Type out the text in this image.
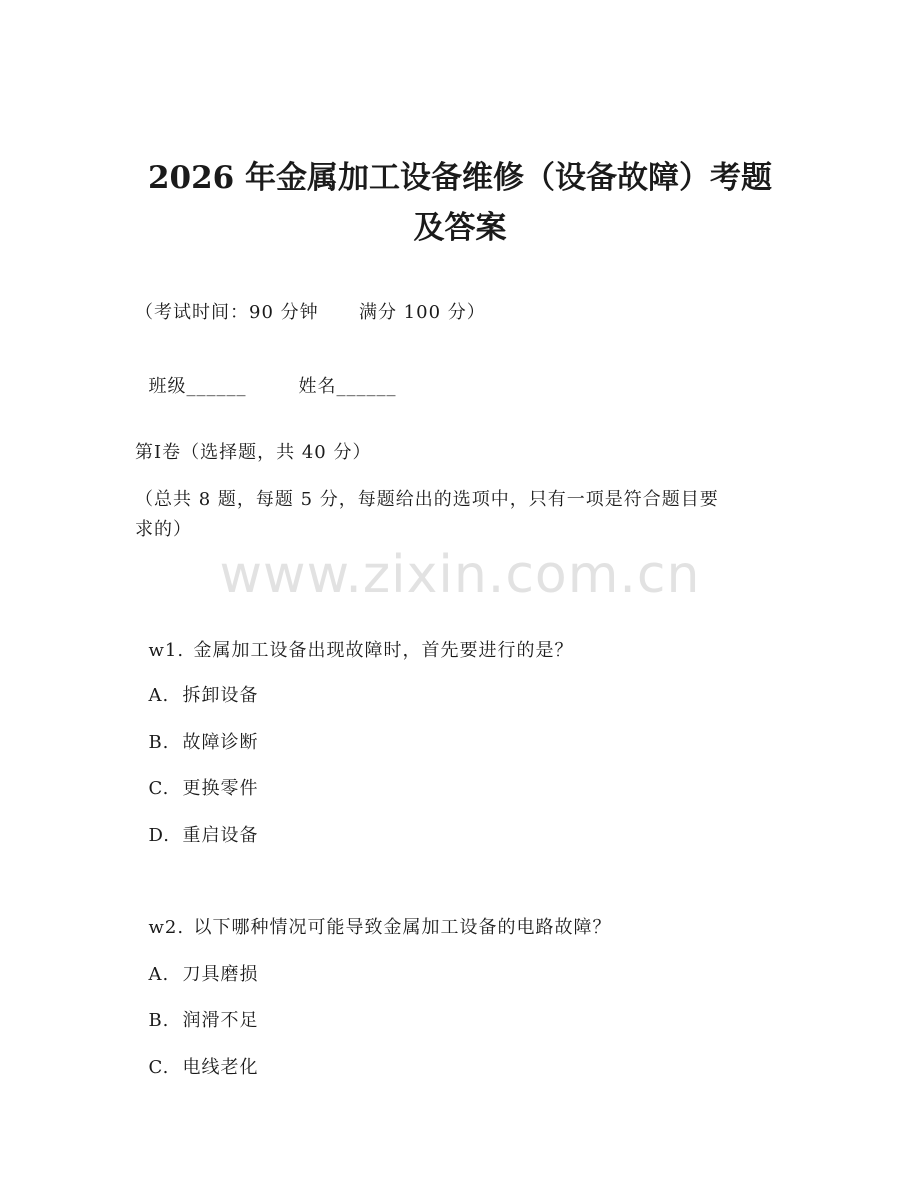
2026 年金属加工设备维修（设备故障）考题
及答案
（考试时间：90 分钟      满分 100 分）

班级______	姓名______

第Ⅰ卷（选择题，共 40 分）
（总共 8 题，每题 5 分，每题给出的选项中，只有一项是符合题目要
求的）
www.zixin.com.cn

w1. 金属加工设备出现故障时，首先要进行的是？

A. 拆卸设备

B. 故障诊断

C. 更换零件

D. 重启设备

w2. 以下哪种情况可能导致金属加工设备的电路故障？

A. 刀具磨损

B. 润滑不足

C. 电线老化
